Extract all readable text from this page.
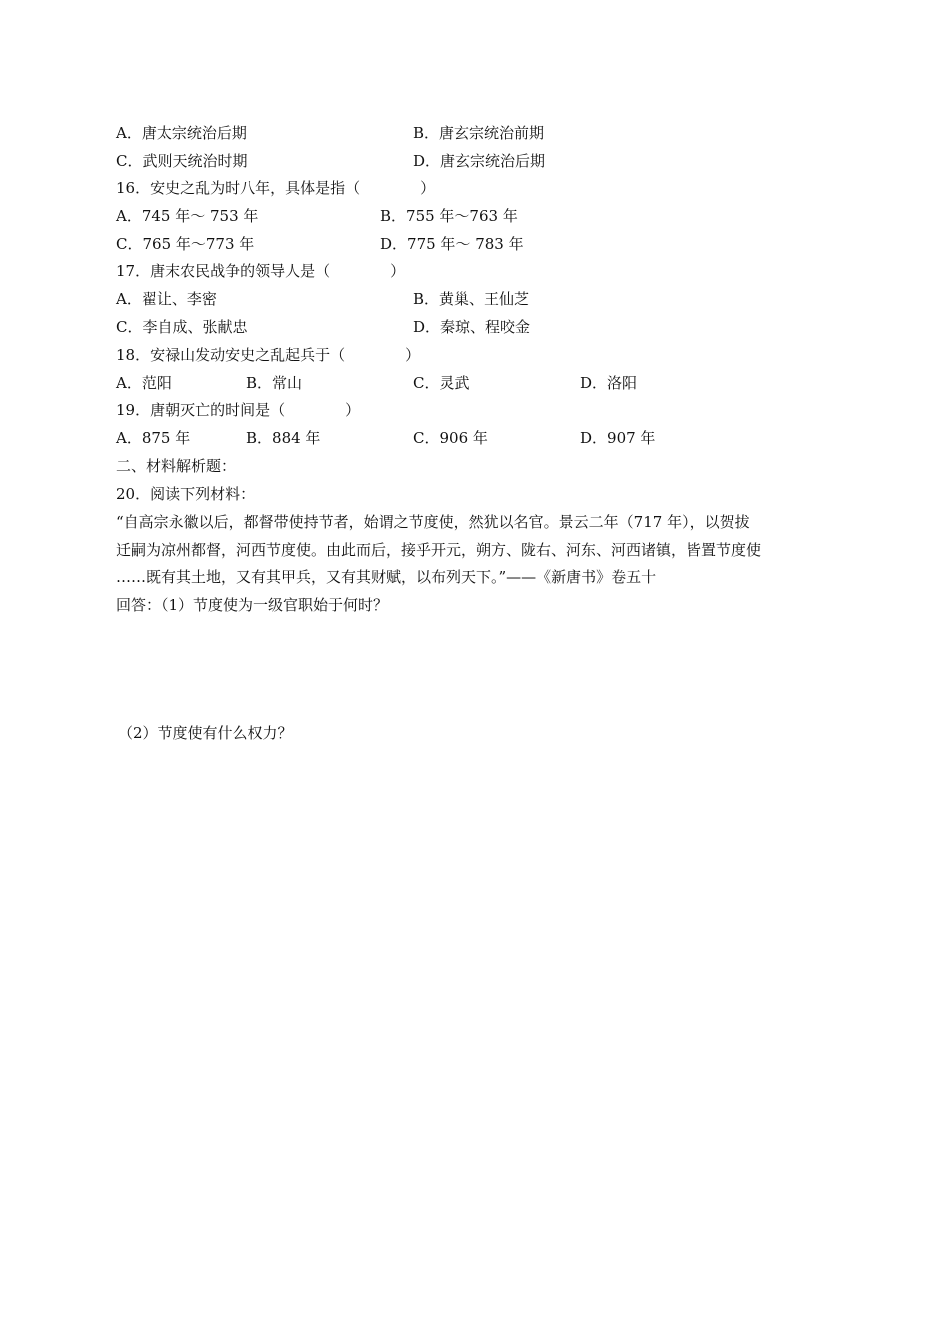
A．唐太宗统治后期	B．唐玄宗统治前期
C．武则天统治时期	D．唐玄宗统治后期
16．安史之乱为时八年，具体是指（　　　　）
A．745 年～ 753 年	B．755 年～763 年
C．765 年～773 年	D．775 年～ 783 年
17．唐末农民战争的领导人是（　　　　）
A．翟让、李密	B．黄巢、王仙芝
C．李自成、张献忠	D．秦琼、程咬金
18．安禄山发动安史之乱起兵于（　　　　）
A．范阳	B．常山	C．灵武	D．洛阳
19．唐朝灭亡的时间是（　　　　）
A．875 年	B．884 年	C．906 年	D．907 年
二、材料解析题：
20．阅读下列材料：
“自高宗永徽以后，都督带使持节者，始谓之节度使，然犹以名官。景云二年（717 年），以贺拔
迁嗣为凉州都督，河西节度使。由此而后，接乎开元，朔方、陇右、河东、河西诸镇，皆置节度使
……既有其土地，又有其甲兵，又有其财赋，以布列天下。”——《新唐书》卷五十
回答：（1）节度使为一级官职始于何时？
（2）节度使有什么权力？
